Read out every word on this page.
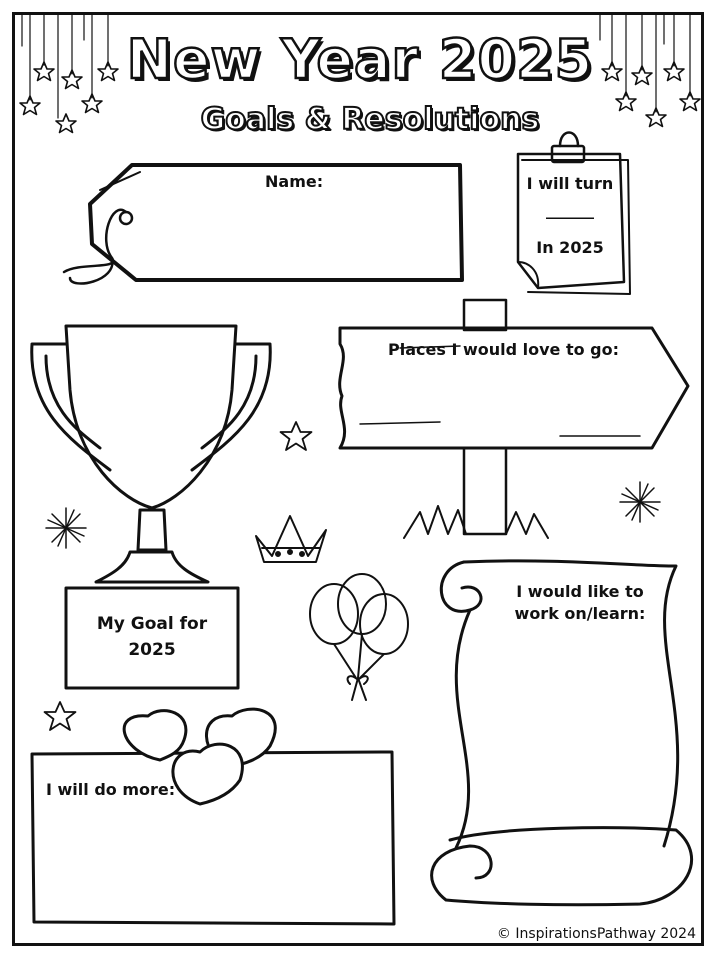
New Year 2025
Goals & Resolutions
Name:	I will turn
______
In 2025
Places I would love to go:
My Goal for
2025
I would like to
work on/learn:
I will do more:
© InspirationsPathway 2024
